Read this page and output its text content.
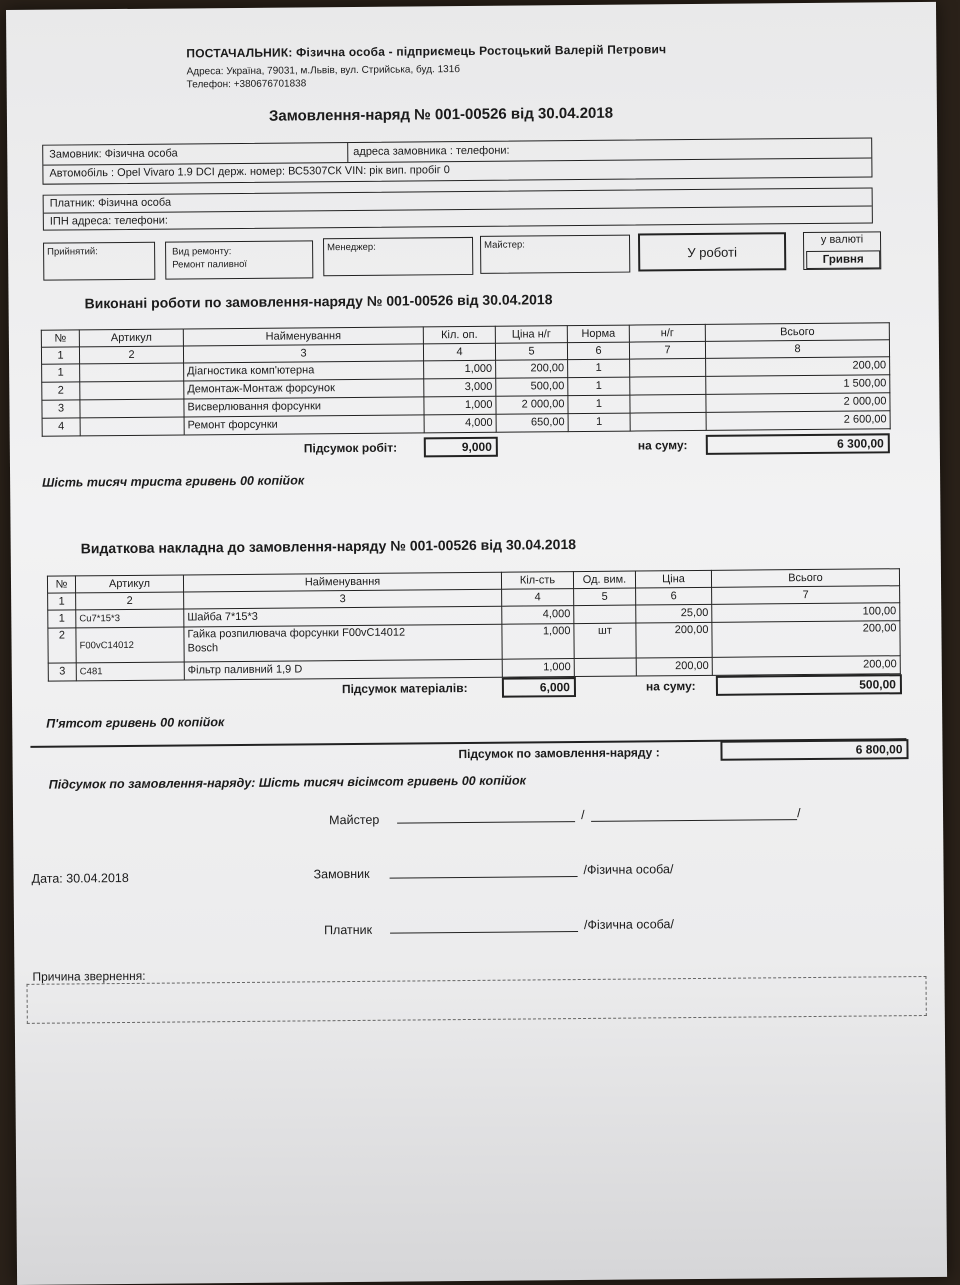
ПОСТАЧАЛЬНИК: Фізична особа - підприємець Ростоцький Валерій Петрович
Адреса: Україна, 79031, м.Львів, вул. Стрийська, буд. 131б
Телефон: +380676701838
Замовлення-наряд № 001-00526 від 30.04.2018
Замовник: Фізична особа	адреса замовника : телефони:
Автомобіль : Opel Vivaro 1.9 DCI держ. номер: ВС5307СК VIN: рік вип. пробіг 0
Платник: Фізична особа
ІПН адреса: телефони:
Прийнятий:	Вид ремонту:
Ремонт паливної
Менеджер:	Майстер:	У роботі
у валюті
Гривня
Виконані роботи по замовлення-наряду № 001-00526 від 30.04.2018
№	Артикул	Найменування	Кіл. оп.	Ціна н/г	Норма	н/г	Всього
1	2	3	4	5	6	7	8
1		Діагностика комп'ютерна	1,000	200,00	1		200,00
2		Демонтаж-Монтаж форсунок	3,000	500,00	1		1 500,00
3		Висверлювання форсунки	1,000	2 000,00	1		2 000,00
4		Ремонт форсунки	4,000	650,00	1		2 600,00
Підсумок робіт:	9,000	на суму:	6 300,00
Шість тисяч триста гривень 00 копійок
Видаткова накладна до замовлення-наряду № 001-00526 від 30.04.2018
№	Артикул	Найменування	Кіл-сть	Од. вим.	Ціна	Всього
1	2	3	4	5	6	7
1	Cu7*15*3	Шайба 7*15*3	4,000		25,00	100,00
2	F00vC14012	Гайка розпилювача форсунки F00vC14012
Bosch	1,000	шт	200,00	200,00
3	C481	Фільтр паливний 1,9 D	1,000		200,00	200,00
Підсумок матеріалів:	6,000	на суму:	500,00
П'ятсот гривень 00 копійок
Підсумок по замовлення-наряду :	6 800,00
Підсумок по замовлення-наряду: Шість тисяч вісімсот гривень 00 копійок
Майстер	/	/
Дата: 30.04.2018	Замовник	/Фізична особа/
Платник	/Фізична особа/
Причина звернення:
